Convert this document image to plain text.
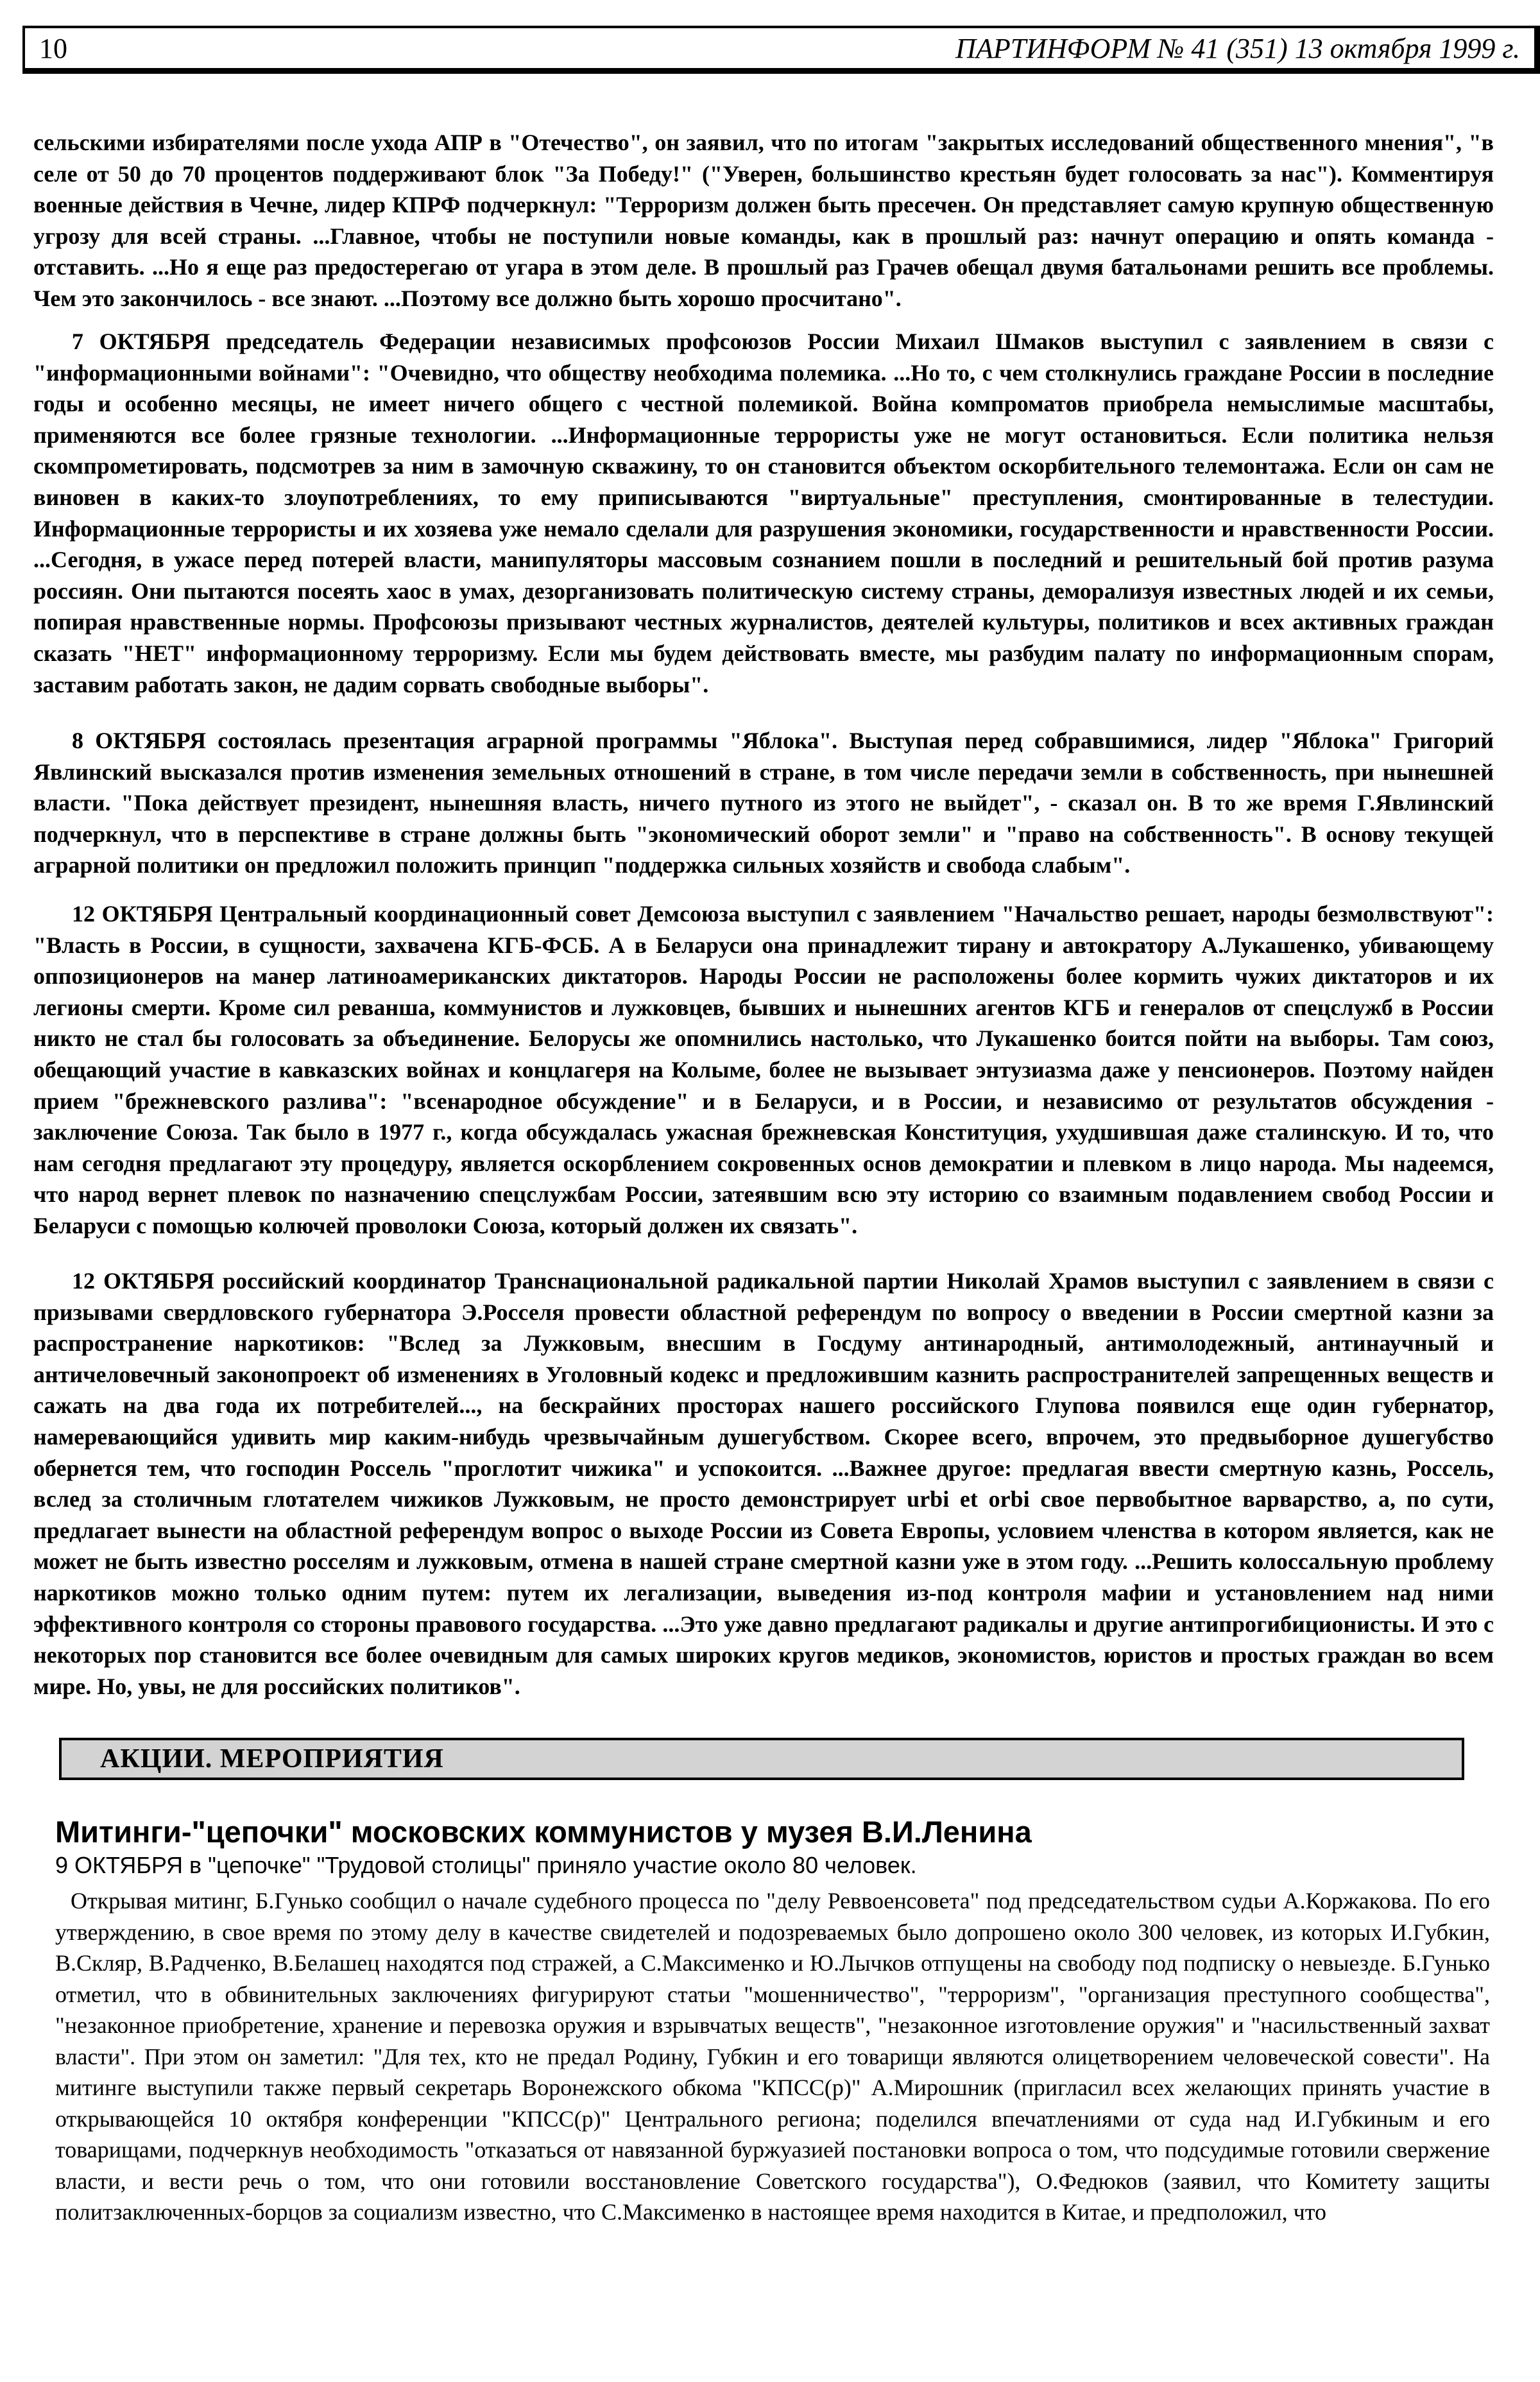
10	ПАРТИНФОРМ № 41 (351) 13 октября 1999 г.

сельскими избирателями после ухода АПР в "Отечество", он заявил, что по итогам "закрытых исследований общественного мнения", "в селе от 50 до 70 процентов поддерживают блок "За Победу!" ("Уверен, большинство крестьян будет голосовать за нас"). Комментируя военные действия в Чечне, лидер КПРФ подчеркнул: "Терроризм должен быть пресечен. Он представляет самую крупную общественную угрозу для всей страны. ...Главное, чтобы не поступили новые команды, как в прошлый раз: начнут операцию и опять команда - отставить. ...Но я еще раз предостерегаю от угара в этом деле. В прошлый раз Грачев обещал двумя батальонами решить все проблемы. Чем это закончилось - все знают. ...Поэтому все должно быть хорошо просчитано".

7 ОКТЯБРЯ председатель Федерации независимых профсоюзов России Михаил Шмаков выступил с заявлением в связи с "информационными войнами": "Очевидно, что обществу необходима полемика. ...Но то, с чем столкнулись граждане России в последние годы и особенно месяцы, не имеет ничего общего с честной полемикой. Война компроматов приобрела немыслимые масштабы, применяются все более грязные технологии. ...Информационные террористы уже не могут остановиться. Если политика нельзя скомпрометировать, подсмотрев за ним в замочную скважину, то он становится объектом оскорбительного телемонтажа. Если он сам не виновен в каких-то злоупотреблениях, то ему приписываются "виртуальные" преступления, смонтированные в телестудии. Информационные террористы и их хозяева уже немало сделали для разрушения экономики, государственности и нравственности России. ...Сегодня, в ужасе перед потерей власти, манипуляторы массовым сознанием пошли в последний и решительный бой против разума россиян. Они пытаются посеять хаос в умах, дезорганизовать политическую систему страны, деморализуя известных людей и их семьи, попирая нравственные нормы. Профсоюзы призывают честных журналистов, деятелей культуры, политиков и всех активных граждан сказать "НЕТ" информационному терроризму. Если мы будем действовать вместе, мы разбудим палату по информационным спорам, заставим работать закон, не дадим сорвать свободные выборы".

8 ОКТЯБРЯ состоялась презентация аграрной программы "Яблока". Выступая перед собравшимися, лидер "Яблока" Григорий Явлинский высказался против изменения земельных отношений в стране, в том числе передачи земли в собственность, при нынешней власти. "Пока действует президент, нынешняя власть, ничего путного из этого не выйдет", - сказал он. В то же время Г.Явлинский подчеркнул, что в перспективе в стране должны быть "экономический оборот земли" и "право на собственность". В основу текущей аграрной политики он предложил положить принцип "поддержка сильных хозяйств и свобода слабым".

12 ОКТЯБРЯ Центральный координационный совет Демсоюза выступил с заявлением "Начальство решает, народы безмолвствуют": "Власть в России, в сущности, захвачена КГБ-ФСБ. А в Беларуси она принадлежит тирану и автократору А.Лукашенко, убивающему оппозиционеров на манер латиноамериканских диктаторов. Народы России не расположены более кормить чужих диктаторов и их легионы смерти. Кроме сил реванша, коммунистов и лужковцев, бывших и нынешних агентов КГБ и генералов от спецслужб в России никто не стал бы голосовать за объединение. Белорусы же опомнились настолько, что Лукашенко боится пойти на выборы. Там союз, обещающий участие в кавказских войнах и концлагеря на Колыме, более не вызывает энтузиазма даже у пенсионеров. Поэтому найден прием "брежневского разлива": "всенародное обсуждение" и в Беларуси, и в России, и независимо от результатов обсуждения - заключение Союза. Так было в 1977 г., когда обсуждалась ужасная брежневская Конституция, ухудшившая даже сталинскую. И то, что нам сегодня предлагают эту процедуру, является оскорблением сокровенных основ демократии и плевком в лицо народа. Мы надеемся, что народ вернет плевок по назначению спецслужбам России, затеявшим всю эту историю со взаимным подавлением свобод России и Беларуси с помощью колючей проволоки Союза, который должен их связать".

12 ОКТЯБРЯ российский координатор Транснациональной радикальной партии Николай Храмов выступил с заявлением в связи с призывами свердловского губернатора Э.Росселя провести областной референдум по вопросу о введении в России смертной казни за распространение наркотиков: "Вслед за Лужковым, внесшим в Госдуму антинародный, антимолодежный, антинаучный и античеловечный законопроект об изменениях в Уголовный кодекс и предложившим казнить распространителей запрещенных веществ и сажать на два года их потребителей..., на бескрайних просторах нашего российского Глупова появился еще один губернатор, намеревающийся удивить мир каким-нибудь чрезвычайным душегубством. Скорее всего, впрочем, это предвыборное душегубство обернется тем, что господин Россель "проглотит чижика" и успокоится. ...Важнее другое: предлагая ввести смертную казнь, Россель, вслед за столичным глотателем чижиков Лужковым, не просто демонстрирует urbi et orbi свое первобытное варварство, а, по сути, предлагает вынести на областной референдум вопрос о выходе России из Совета Европы, условием членства в котором является, как не может не быть известно росселям и лужковым, отмена в нашей стране смертной казни уже в этом году. ...Решить колоссальную проблему наркотиков можно только одним путем: путем их легализации, выведения из-под контроля мафии и установлением над ними эффективного контроля со стороны правового государства. ...Это уже давно предлагают радикалы и другие антипрогибиционисты. И это с некоторых пор становится все более очевидным для самых широких кругов медиков, экономистов, юристов и простых граждан во всем мире. Но, увы, не для российских политиков".

АКЦИИ. МЕРОПРИЯТИЯ
Митинги-"цепочки" московских коммунистов у музея В.И.Ленина

9 ОКТЯБРЯ в "цепочке" "Трудовой столицы" приняло участие около 80 человек.

Открывая митинг, Б.Гунько сообщил о начале судебного процесса по "делу Реввоенсовета" под председательством судьи А.Коржакова. По его утверждению, в свое время по этому делу в качестве свидетелей и подозреваемых было допрошено около 300 человек, из которых И.Губкин, В.Скляр, В.Радченко, В.Белашец находятся под стражей, а С.Максименко и Ю.Лычков отпущены на свободу под подписку о невыезде. Б.Гунько отметил, что в обвинительных заключениях фигурируют статьи "мошенничество", "терроризм", "организация преступного сообщества", "незаконное приобретение, хранение и перевозка оружия и взрывчатых веществ", "незаконное изготовление оружия" и "насильственный захват власти". При этом он заметил: "Для тех, кто не предал Родину, Губкин и его товарищи являются олицетворением человеческой совести". На митинге выступили также первый секретарь Воронежского обкома "КПСС(р)" А.Мирошник (пригласил всех желающих принять участие в открывающейся 10 октября конференции "КПСС(р)" Центрального региона; поделился впечатлениями от суда над И.Губкиным и его товарищами, подчеркнув необходимость "отказаться от навязанной буржуазией постановки вопроса о том, что подсудимые готовили свержение власти, и вести речь о том, что они готовили восстановление Советского государства"), О.Федюков (заявил, что Комитету защиты политзаключенных-борцов за социализм известно, что С.Максименко в настоящее время находится в Китае, и предположил, что
